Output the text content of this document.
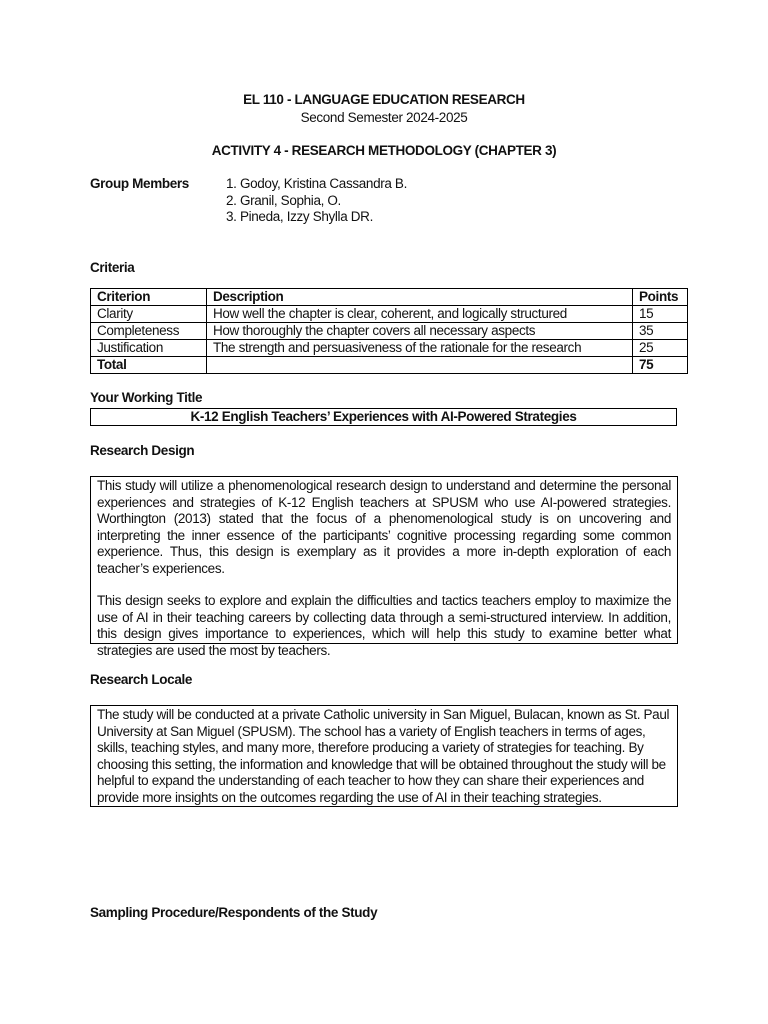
EL 110 - LANGUAGE EDUCATION RESEARCH
Second Semester 2024-2025
ACTIVITY 4 - RESEARCH METHODOLOGY (CHAPTER 3)
Group Members	1. Godoy, Kristina Cassandra B.
2. Granil, Sophia, O.
3. Pineda, Izzy Shylla DR.
Criteria
Criterion	Description	Points
Clarity	How well the chapter is clear, coherent, and logically structured	15
Completeness	How thoroughly the chapter covers all necessary aspects	35
Justification	The strength and persuasiveness of the rationale for the research	25
Total		75
Your Working Title
K-12 English Teachers’ Experiences with AI-Powered Strategies
Research Design

This study will utilize a phenomenological research design to understand and determine the personal experiences and strategies of K-12 English teachers at SPUSM who use AI-powered strategies. Worthington (2013) stated that the focus of a phenomenological study is on uncovering and interpreting the inner essence of the participants’ cognitive processing regarding some common experience. Thus, this design is exemplary as it provides a more in-depth exploration of each teacher’s experiences.

This design seeks to explore and explain the difficulties and tactics teachers employ to maximize the use of AI in their teaching careers by collecting data through a semi-structured interview. In addition, this design gives importance to experiences, which will help this study to examine better what strategies are used the most by teachers.

Research Locale

The study will be conducted at a private Catholic university in San Miguel, Bulacan, known as St. Paul University at San Miguel (SPUSM). The school has a variety of English teachers in terms of ages, skills, teaching styles, and many more, therefore producing a variety of strategies for teaching. By choosing this setting, the information and knowledge that will be obtained throughout the study will be helpful to expand the understanding of each teacher to how they can share their experiences and provide more insights on the outcomes regarding the use of AI in their teaching strategies.

Sampling Procedure/Respondents of the Study
